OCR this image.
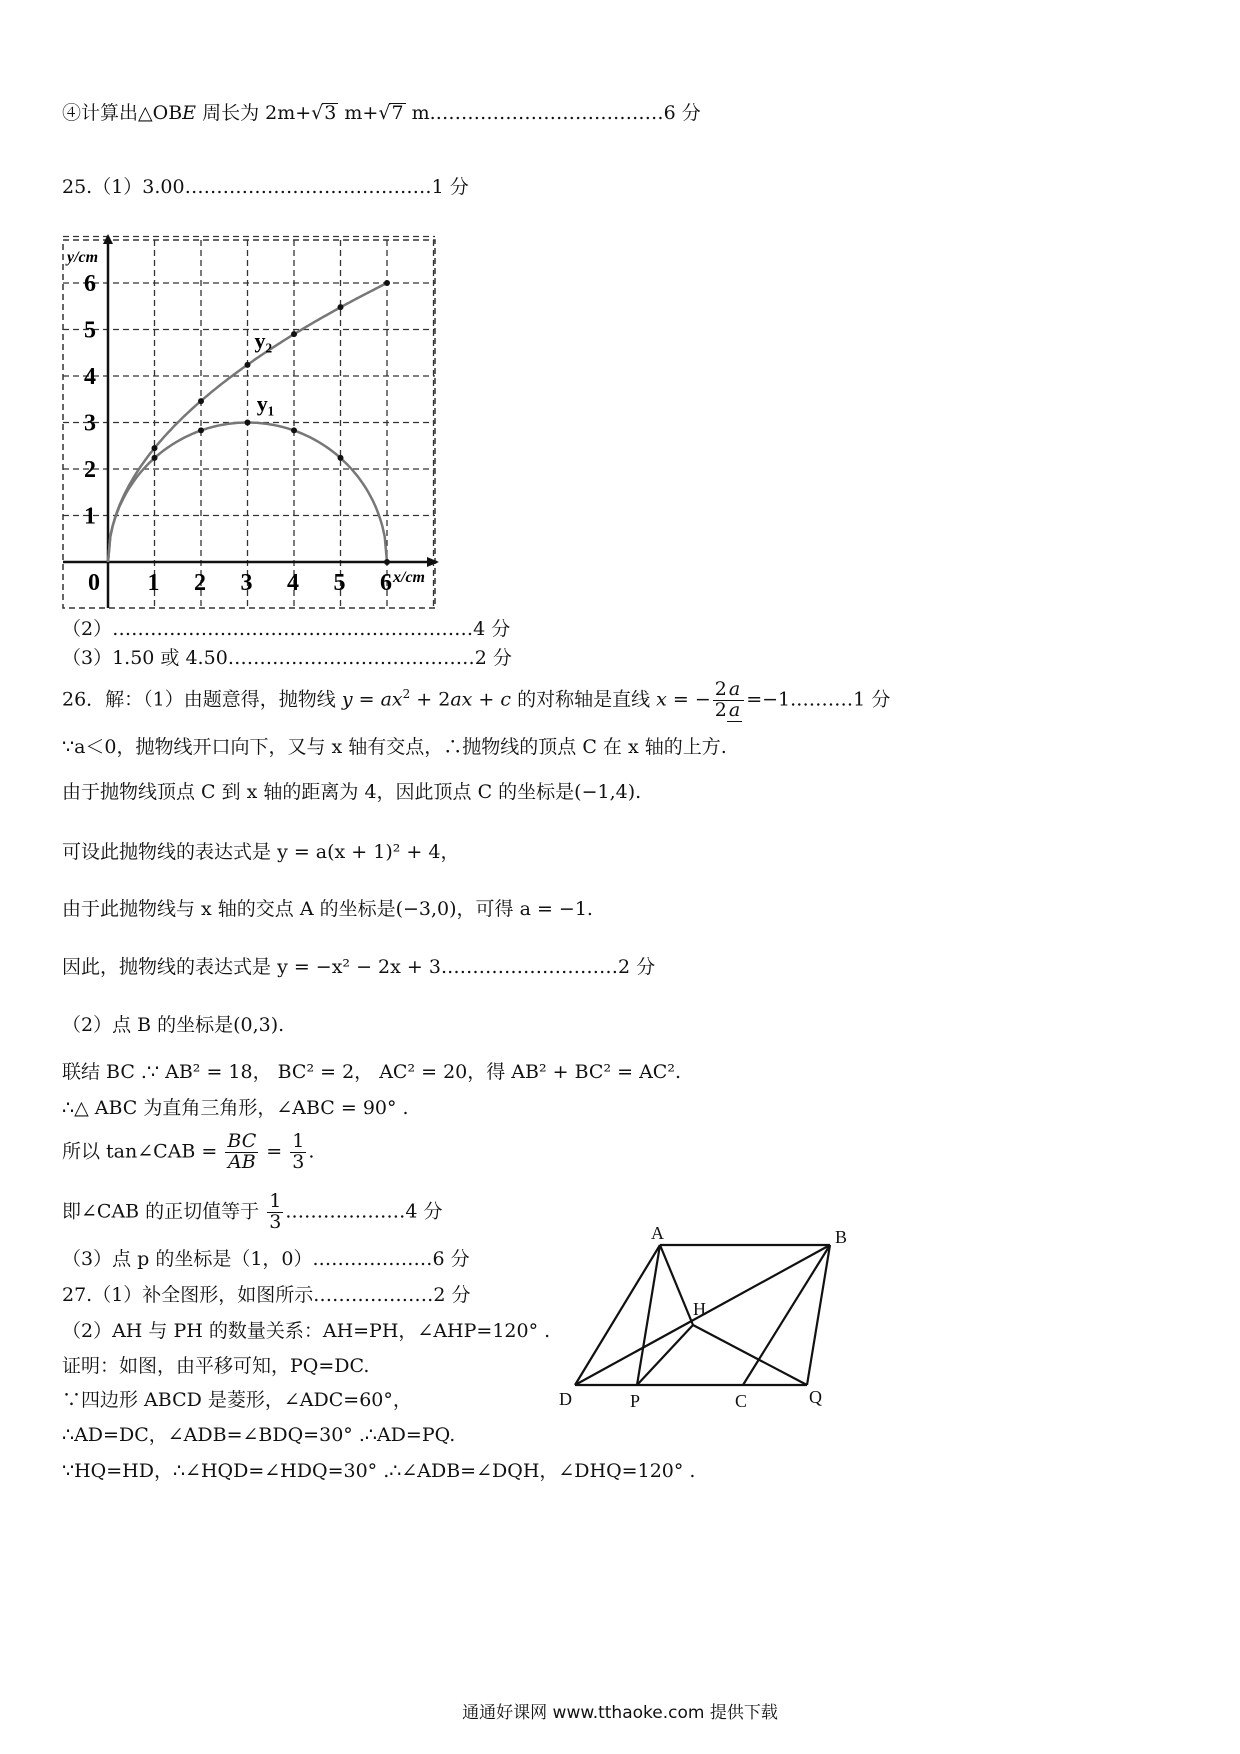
④计算出△OBE 周长为 2m+√3 m+√7 m.………………………………6 分
25.（1）3.00…………………………………1 分
1
2
3
4
5
6
0 1 2 3 4 5 6 x/cm
y/cm
y₂
y₁
（2）…………………………………………………4 分
（3）1.50 或 4.50…………………………………2 分
26．解：（1）由题意得，抛物线 $y = ax^2 + 2ax + c$ 的对称轴是直线 x = − $\frac{2 a}{2 a}$ =−1.………1 分
∵a＜0，抛物线开口向下，又与 x 轴有交点，∴抛物线的顶点 C 在 x 轴的上方.
由于抛物线顶点 C 到 x 轴的距离为 4，因此顶点 C 的坐标是(−1,4).
可设此抛物线的表达式是 y = a(x + 1)² + 4，
由于此抛物线与 x 轴的交点 A 的坐标是(−3,0)，可得 a = −1.
因此，抛物线的表达式是 y = −x² − 2x + 3.………………………2 分
（2）点 B 的坐标是(0,3).
联结 BC .∵ AB² = 18， BC² = 2， AC² = 20，得 AB² + BC² = AC².
∴△ ABC 为直角三角形，∠ABC = 90° .
所以 tan∠CAB = $\frac{BC}{AB} = \frac{1}{3}$ .
即∠CAB 的正切值等于 $\frac{1}{3}$ .………………4 分
（3）点 p 的坐标是（1，0）.………………6 分
27.（1）补全图形，如图所示.………………2 分
（2）AH 与 PH 的数量关系：AH=PH，∠AHP=120° .
证明：如图，由平移可知，PQ=DC.
∵四边形 ABCD 是菱形，∠ADC=60°，
∴AD=DC，∠ADB=∠BDQ=30° .∴AD=PQ.
∵HQ=HD，∴∠HQD=∠HDQ=30° .∴∠ADB=∠DQH，∠DHQ=120° .
A	B
H
D	P	C	Q
通通好课网 www.tthaoke.com 提供下载
